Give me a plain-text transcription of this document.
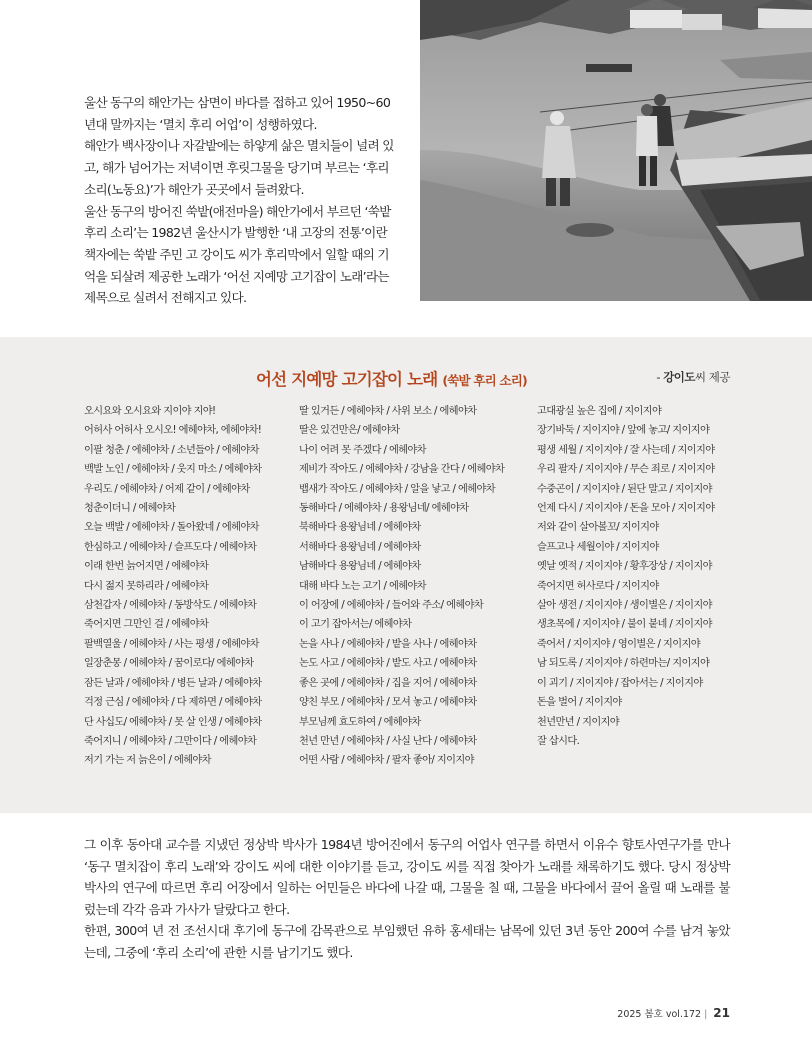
울산 동구의 해안가는 삼면이 바다를 접하고 있어 1950~60년대 말까지는 ‘멸치 후리 어업’이 성행하였다.

해안가 백사장이나 자갈밭에는 하얗게 삶은 멸치들이 널려 있고, 해가 넘어가는 저녁이면 후릿그물을 당기며 부르는 ‘후리 소리(노동요)’가 해안가 곳곳에서 들려왔다.

울산 동구의 방어진 쑥밭(애전마을) 해안가에서 부르던 ‘쑥밭 후리 소리’는 1982년 울산시가 발행한 ‘내 고장의 전통’이란 책자에는 쑥밭 주민 고 강이도 씨가 후리막에서 일할 때의 기억을 되살려 제공한 노래가 ‘어선 지예망 고기잡이 노래’라는 제목으로 실려서 전해지고 있다.

어선 지예망 고기잡이 노래 (쑥밭 후리 소리)	- 강이도씨 제공
오시요와 오시요와 지이야 지야!
어허사 어허사 오시오! 에헤야차, 에헤야차!
이팔 청춘 / 에헤야차 / 소년들아 / 에헤야차
백발 노인 / 에헤야차 / 웃지 마소 / 에헤야차
우리도 / 에헤야차 / 어제 같이 / 에헤야차
청춘이더니 / 에헤야차
오늘 백발 / 에헤야차 / 돌아왔네 / 에헤야차
한심하고 / 에헤야차 / 슬프도다 / 에헤야차
이래 한번 늙어지면 / 에헤야차
다시 젊지 못하리라 / 에헤야차
삼천갑자 / 에헤야차 / 동방삭도 / 에헤야차
죽어지면 그만인 걸 / 에헤야차
팔백열울 / 에헤야차 / 사는 평생 / 에헤야차
일장춘몽 / 에헤야차 / 꿈이로다/ 에헤야차
잠든 날과 / 에헤야차 / 병든 날과 / 에헤야차
걱정 근심 / 에헤야차 / 다 제하면 / 에헤야차
단 사십도/ 에헤야차 / 못 살 인생 / 에헤야차
죽어지니 / 에헤야차 / 그만이다 / 에헤야차
저기 가는 저 늙은이 / 에헤야차
딸 있거든 / 에헤야차 / 사위 보소 / 에헤야차
딸은 있건만은/ 에헤야차
나이 어려 못 주겠다 / 에헤야차
제비가 작아도 / 에헤야차 / 강남을 간다 / 에헤야차
뱁새가 작아도 / 에헤야차 / 알을 낳고 / 에헤야차
동해바다 / 에헤야차 / 용왕님네/ 에헤야차
북해바다 용왕님네 / 에헤야차
서해바다 용왕님네 / 에헤야차
남해바다 용왕님네 / 에헤야차
대해 바다 노는 고기 / 에헤야차
이 어장에 / 에헤야차 / 들어와 주소/ 에헤야차
이 고기 잡아서는/ 에헤야차
논을 사나 / 에헤야차 / 밭을 사나 / 에헤야차
논도 사고 / 에헤야차 / 밭도 사고 / 에헤야차
좋은 곳에 / 에헤야차 / 집을 지어 / 에헤야차
양친 부모 / 에헤야차 / 모셔 놓고 / 에헤야차
부모님께 효도하여 / 에헤야차
천년 만년 / 에헤야차 / 사실 난다 / 에헤야차
어떤 사람 / 에헤야차 / 팔자 좋아/ 지이지야
고대광실 높은 집에 / 지이지야
장기바둑 / 지이지야 / 앞에 놓고/ 지이지야
평생 세월 / 지이지야 / 잘 사는데 / 지이지야
우리 팔자 / 지이지야 / 무슨 죄로 / 지이지야
수중곤이 / 지이지야 / 된단 말고 / 지이지야
언제 다시 / 지이지야 / 돈을 모아 / 지이지야
저와 같이 살아볼꼬/ 지이지야
슬프고나 세월이야 / 지이지야
옛날 옛적 / 지이지야 / 황후장상 / 지이지야
죽어지면 허사로다 / 지이지야
살아 생전 / 지이지야 / 생이별은 / 지이지야
생초목에 / 지이지야 / 불이 붙네 / 지이지야
죽어서 / 지이지야 / 영이별은 / 지이지야
남 되도록 / 지이지야 / 하련마는/ 지이지야
이 괴기 / 지이지야 / 잡아서는 / 지이지야
돈을 벌어 / 지이지야
천년만년 / 지이지야
잘 삽시다.

그 이후 동아대 교수를 지냈던 정상박 박사가 1984년 방어진에서 동구의 어업사 연구를 하면서 이유수 향토사연구가를 만나 ‘동구 멸치잡이 후리 노래’와 강이도 씨에 대한 이야기를 듣고, 강이도 씨를 직접 찾아가 노래를 채록하기도 했다. 당시 정상박 박사의 연구에 따르면 후리 어장에서 일하는 어민들은 바다에 나갈 때, 그물을 칠 때, 그물을 바다에서 끌어 올릴 때 노래를 불렀는데 각각 음과 가사가 달랐다고 한다.

한편, 300여 년 전 조선시대 후기에 동구에 감목관으로 부임했던 유하 홍세태는 남목에 있던 3년 동안 200여 수를 남겨 놓았는데, 그중에 ‘후리 소리’에 관한 시를 남기기도 했다.

2025 봄호 vol.172 | 21
